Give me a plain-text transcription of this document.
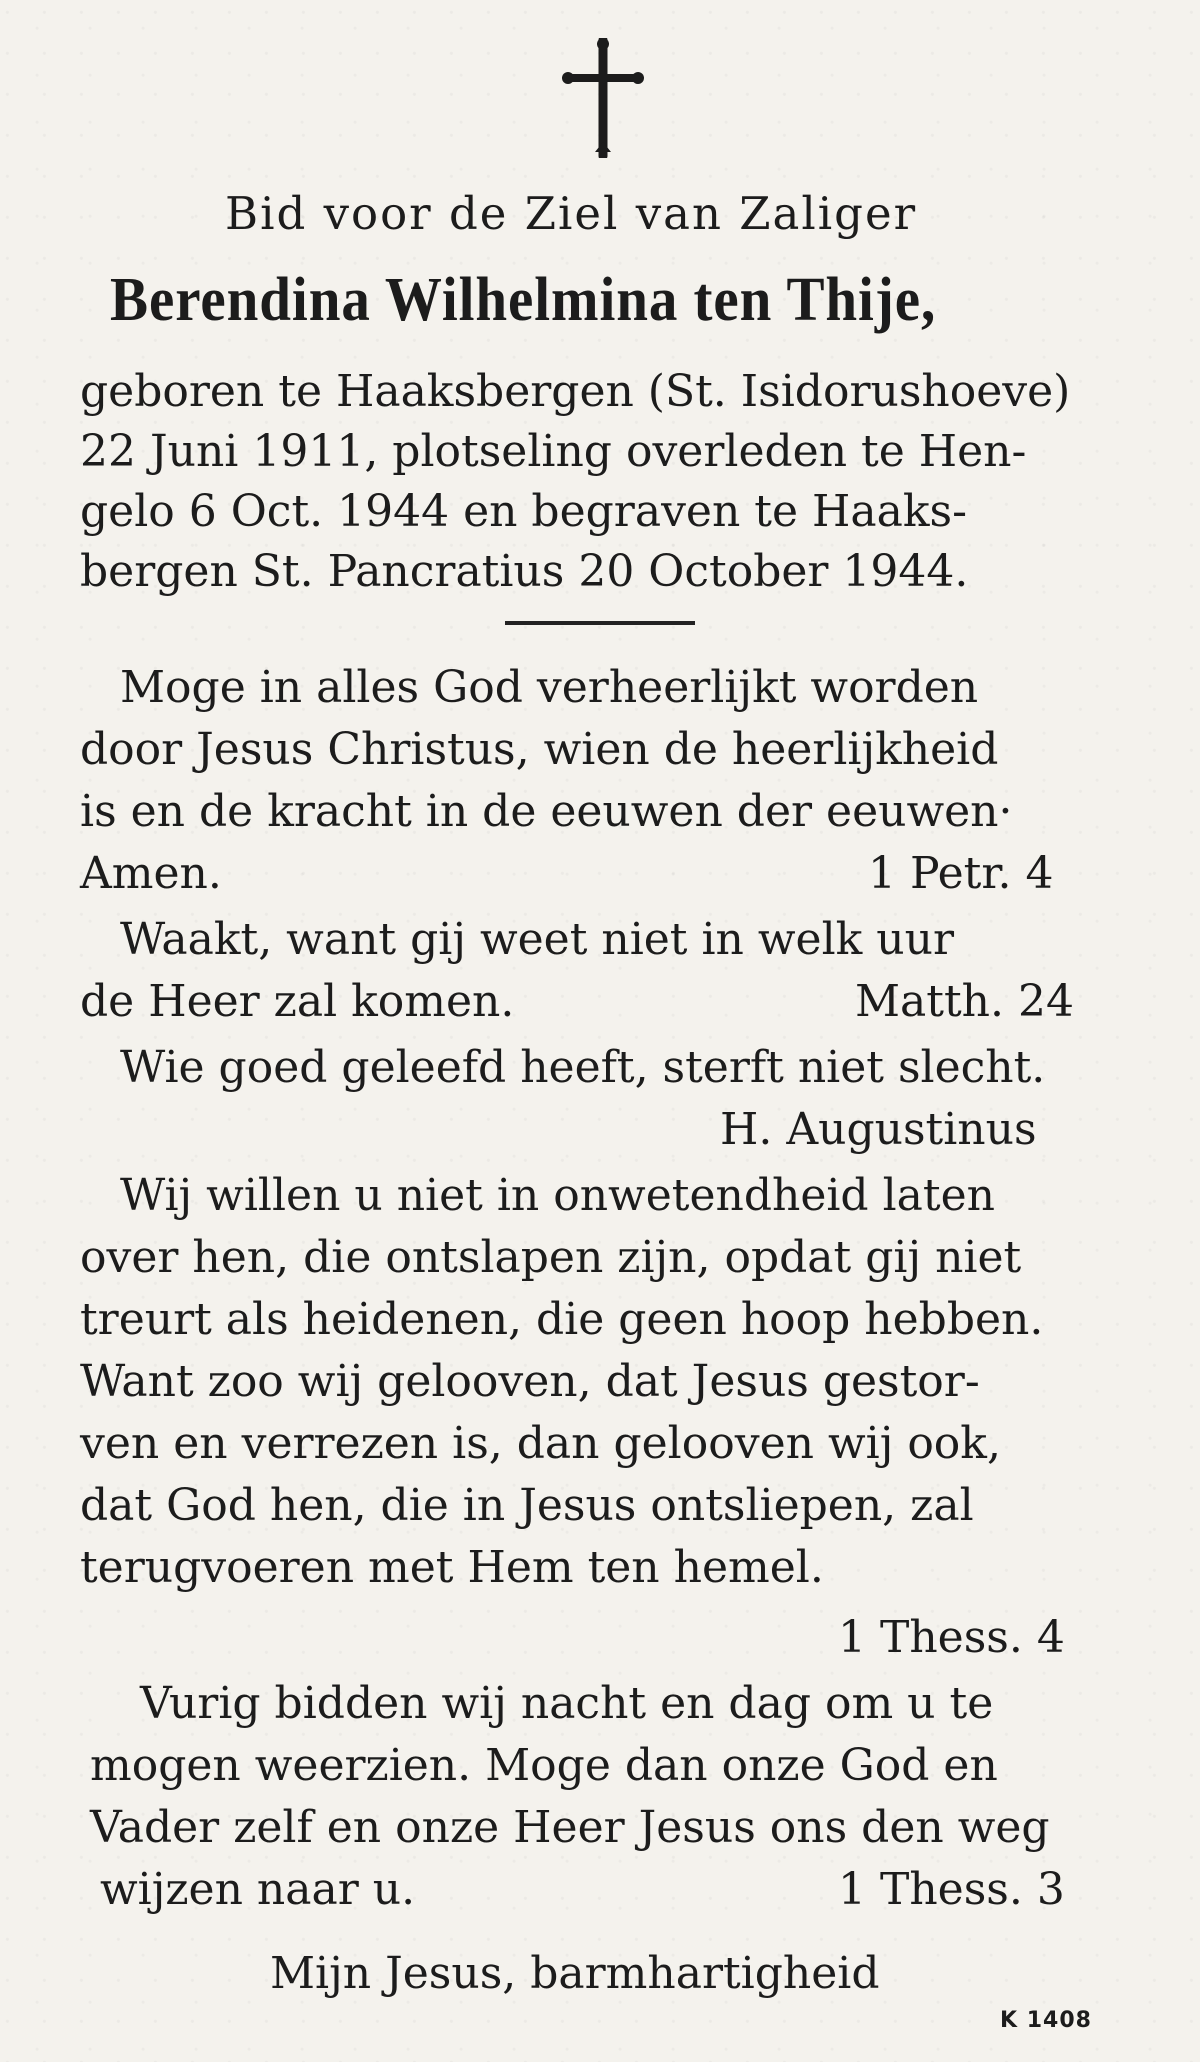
Bid voor de Ziel van Zaliger
Berendina Wilhelmina ten Thije,
geboren te Haaksbergen (St. Isidorushoeve)
22 Juni 1911, plotseling overleden te Hen-
gelo 6 Oct. 1944 en begraven te Haaks-
bergen St. Pancratius 20 October 1944.
Moge in alles God verheerlijkt worden
door Jesus Christus, wien de heerlijkheid
is en de kracht in de eeuwen der eeuwen·
Amen.	1 Petr. 4
Waakt, want gij weet niet in welk uur
de Heer zal komen.	Matth. 24
Wie goed geleefd heeft, sterft niet slecht.
H. Augustinus
Wij willen u niet in onwetendheid laten
over hen, die ontslapen zijn, opdat gij niet
treurt als heidenen, die geen hoop hebben.
Want zoo wij gelooven, dat Jesus gestor-
ven en verrezen is, dan gelooven wij ook,
dat God hen, die in Jesus ontsliepen, zal
terugvoeren met Hem ten hemel.
1 Thess. 4
Vurig bidden wij nacht en dag om u te
mogen weerzien. Moge dan onze God en
Vader zelf en onze Heer Jesus ons den weg
wijzen naar u.	1 Thess. 3
Mijn Jesus, barmhartigheid
K 1408
